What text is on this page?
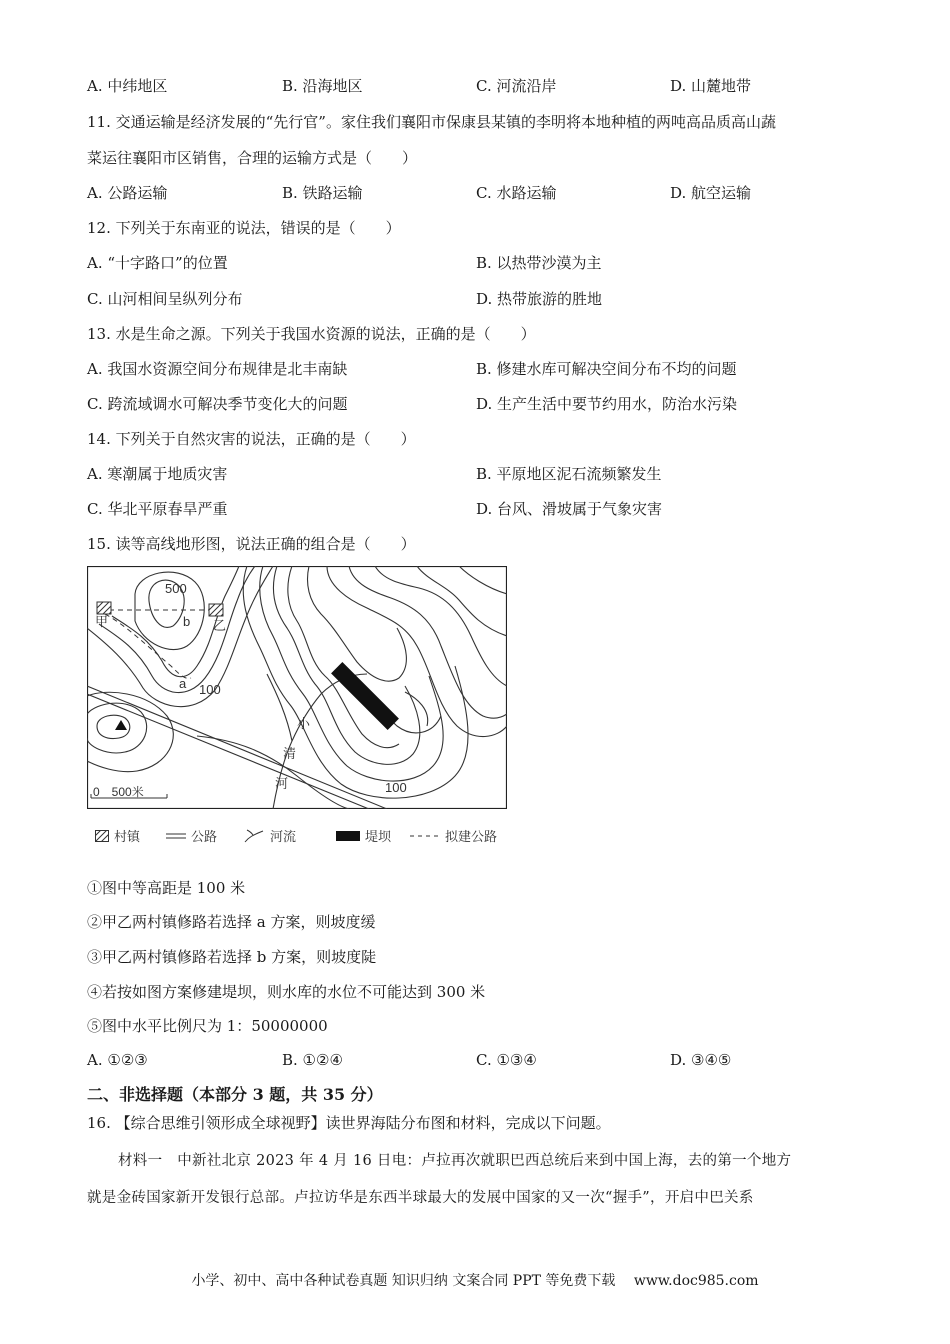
A. 中纬地区	B. 沿海地区	C. 河流沿岸	D. 山麓地带
11. 交通运输是经济发展的“先行官”。家住我们襄阳市保康县某镇的李明将本地种植的两吨高品质高山蔬
菜运往襄阳市区销售，合理的运输方式是（　　）
A. 公路运输	B. 铁路运输	C. 水路运输	D. 航空运输
12. 下列关于东南亚的说法，错误的是（　　）
A. “十字路口”的位置	B. 以热带沙漠为主
C. 山河相间呈纵列分布	D. 热带旅游的胜地
13. 水是生命之源。下列关于我国水资源的说法，正确的是（　　）
A. 我国水资源空间分布规律是北丰南缺	B. 修建水库可解决空间分布不均的问题
C. 跨流域调水可解决季节变化大的问题	D. 生产生活中要节约用水，防治水污染
14. 下列关于自然灾害的说法，正确的是（　　）
A. 寒潮属于地质灾害	B. 平原地区泥石流频繁发生
C. 华北平原春旱严重	D. 台风、滑坡属于气象灾害
15. 读等高线地形图，说法正确的组合是（　　）
500
甲	乙
b
a 100
100
小
清
河
0　500米
村镇	公路	河流	堤坝	拟建公路
①图中等高距是 100 米
②甲乙两村镇修路若选择 a 方案，则坡度缓
③甲乙两村镇修路若选择 b 方案，则坡度陡
④若按如图方案修建堤坝，则水库的水位不可能达到 300 米
⑤图中水平比例尺为 1：50000000
A. ①②③	B. ①②④	C. ①③④	D. ③④⑤
二、非选择题（本部分 3 题，共 35 分）
16. 【综合思维引领形成全球视野】读世界海陆分布图和材料，完成以下问题。
材料一　中新社北京 2023 年 4 月 16 日电：卢拉再次就职巴西总统后来到中国上海，去的第一个地方
就是金砖国家新开发银行总部。卢拉访华是东西半球最大的发展中国家的又一次“握手”，开启中巴关系
小学、初中、高中各种试卷真题 知识归纳 文案合同 PPT 等免费下载　 www.doc985.com
